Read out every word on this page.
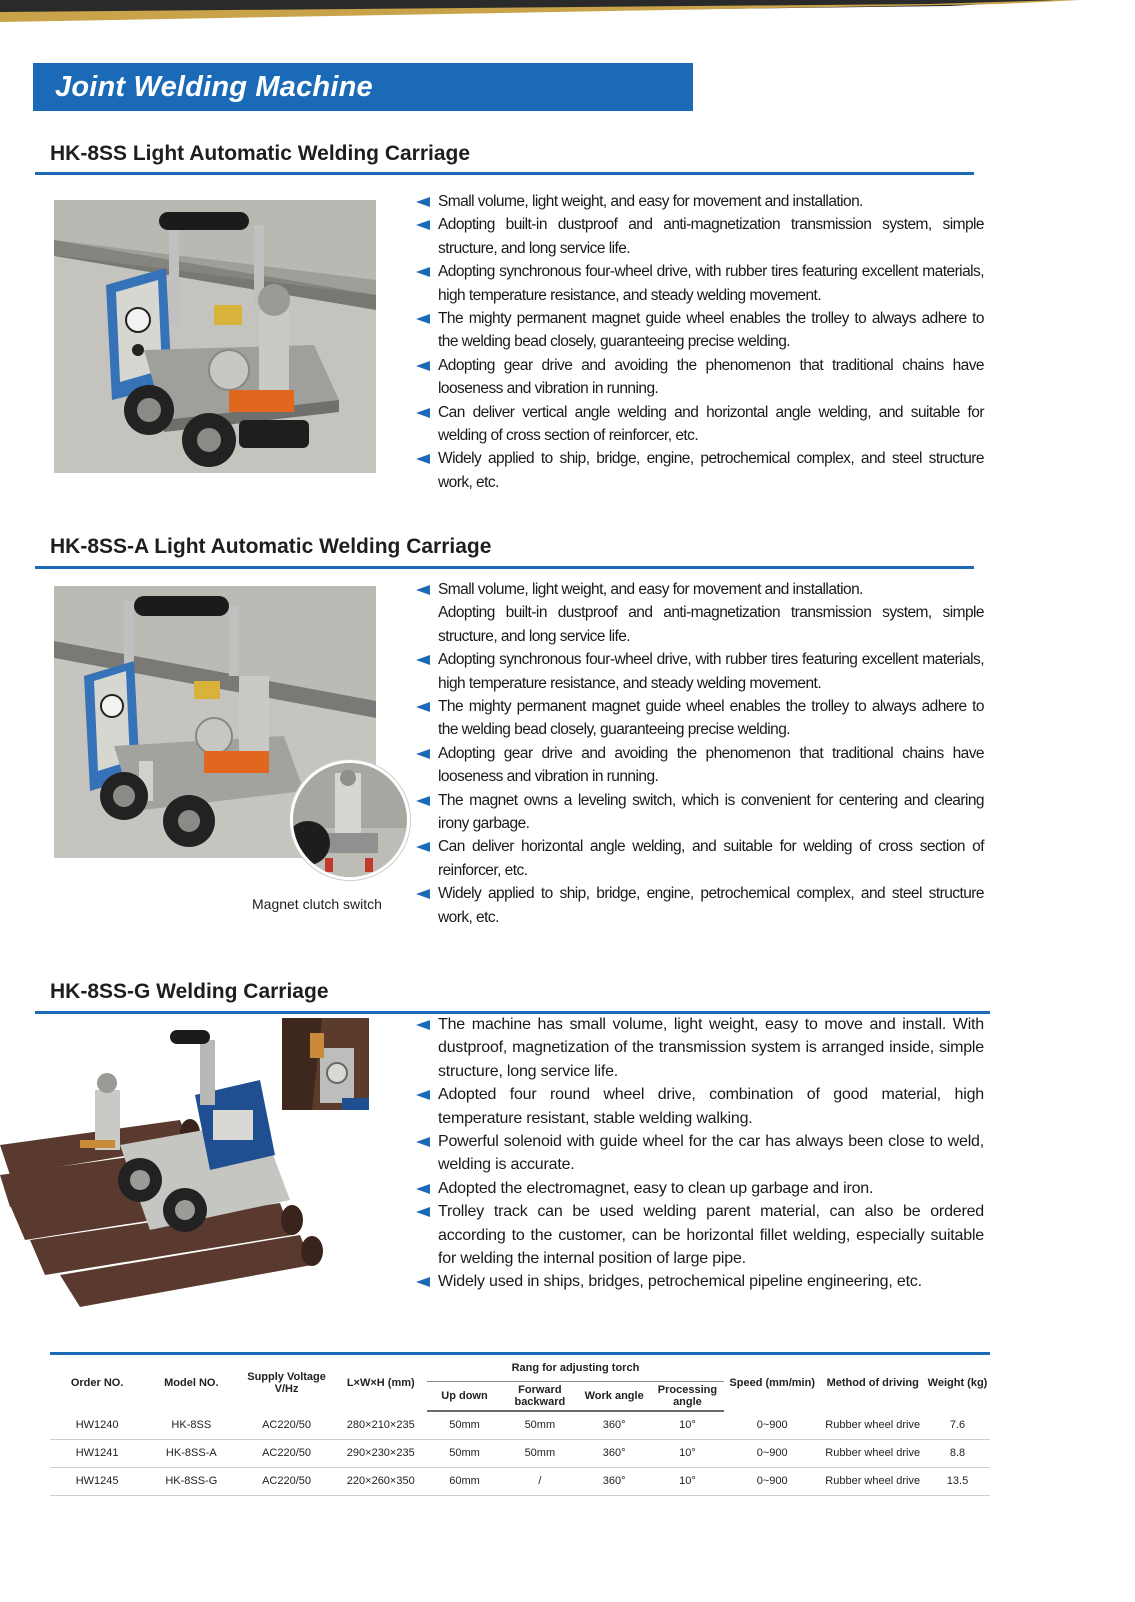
Joint Welding Machine
HK-8SS Light Automatic Welding Carriage
Small volume, light weight, and easy for movement and installation.
Adopting built-in dustproof and anti-magnetization transmission system, simple structure, and long service life.
Adopting synchronous four-wheel drive, with rubber tires featuring excellent materials, high temperature resistance, and steady welding movement.
The mighty permanent magnet guide wheel enables the trolley to always adhere to the welding bead closely, guaranteeing precise welding.
Adopting gear drive and avoiding the phenomenon that traditional chains have looseness and vibration in running.
Can deliver vertical angle welding and horizontal angle welding, and suitable for welding of cross section of reinforcer, etc.
Widely applied to ship, bridge, engine, petrochemical complex, and steel structure work, etc.
HK-8SS-A Light Automatic Welding Carriage
Magnet clutch switch
Small volume, light weight, and easy for movement and installation.
Adopting built-in dustproof and anti-magnetization transmission system, simple structure, and long service life.
Adopting synchronous four-wheel drive, with rubber tires featuring excellent materials, high temperature resistance, and steady welding movement.
The mighty permanent magnet guide wheel enables the trolley to always adhere to the welding bead closely, guaranteeing precise welding.
Adopting gear drive and avoiding the phenomenon that traditional chains have looseness and vibration in running.
The magnet owns a leveling switch, which is convenient for centering and clearing irony garbage.
Can deliver horizontal angle welding, and suitable for welding of cross section of reinforcer, etc.
Widely applied to ship, bridge, engine, petrochemical complex, and steel structure work, etc.
HK-8SS-G Welding Carriage
The machine has small volume, light weight, easy to move and install. With dustproof, magnetization of the transmission system is arranged inside, simple structure, long service life.
Adopted four round wheel drive, combination of good material, high temperature resistant, stable welding walking.
Powerful solenoid with guide wheel for the car has always been close to weld, welding is accurate.
Adopted the electromagnet, easy to clean up garbage and iron.
Trolley track can be used welding parent material, can also be ordered according to the customer, can be horizontal fillet welding, especially suitable for welding the internal position of large pipe.
Widely used in ships, bridges, petrochemical pipeline engineering, etc.
Order NO.	Model NO.	Supply Voltage V/Hz	L×W×H (mm)	Rang for adjusting torch				Speed (mm/min)	Method of driving	Weight (kg)
				Up down	Forward backward	Work angle	Processing angle			
HW1240	HK-8SS	AC220/50	280×210×235	50mm	50mm	360°	10°	0~900	Rubber wheel drive	7.6
HW1241	HK-8SS-A	AC220/50	290×230×235	50mm	50mm	360°	10°	0~900	Rubber wheel drive	8.8
HW1245	HK-8SS-G	AC220/50	220×260×350	60mm	/	360°	10°	0~900	Rubber wheel drive	13.5
